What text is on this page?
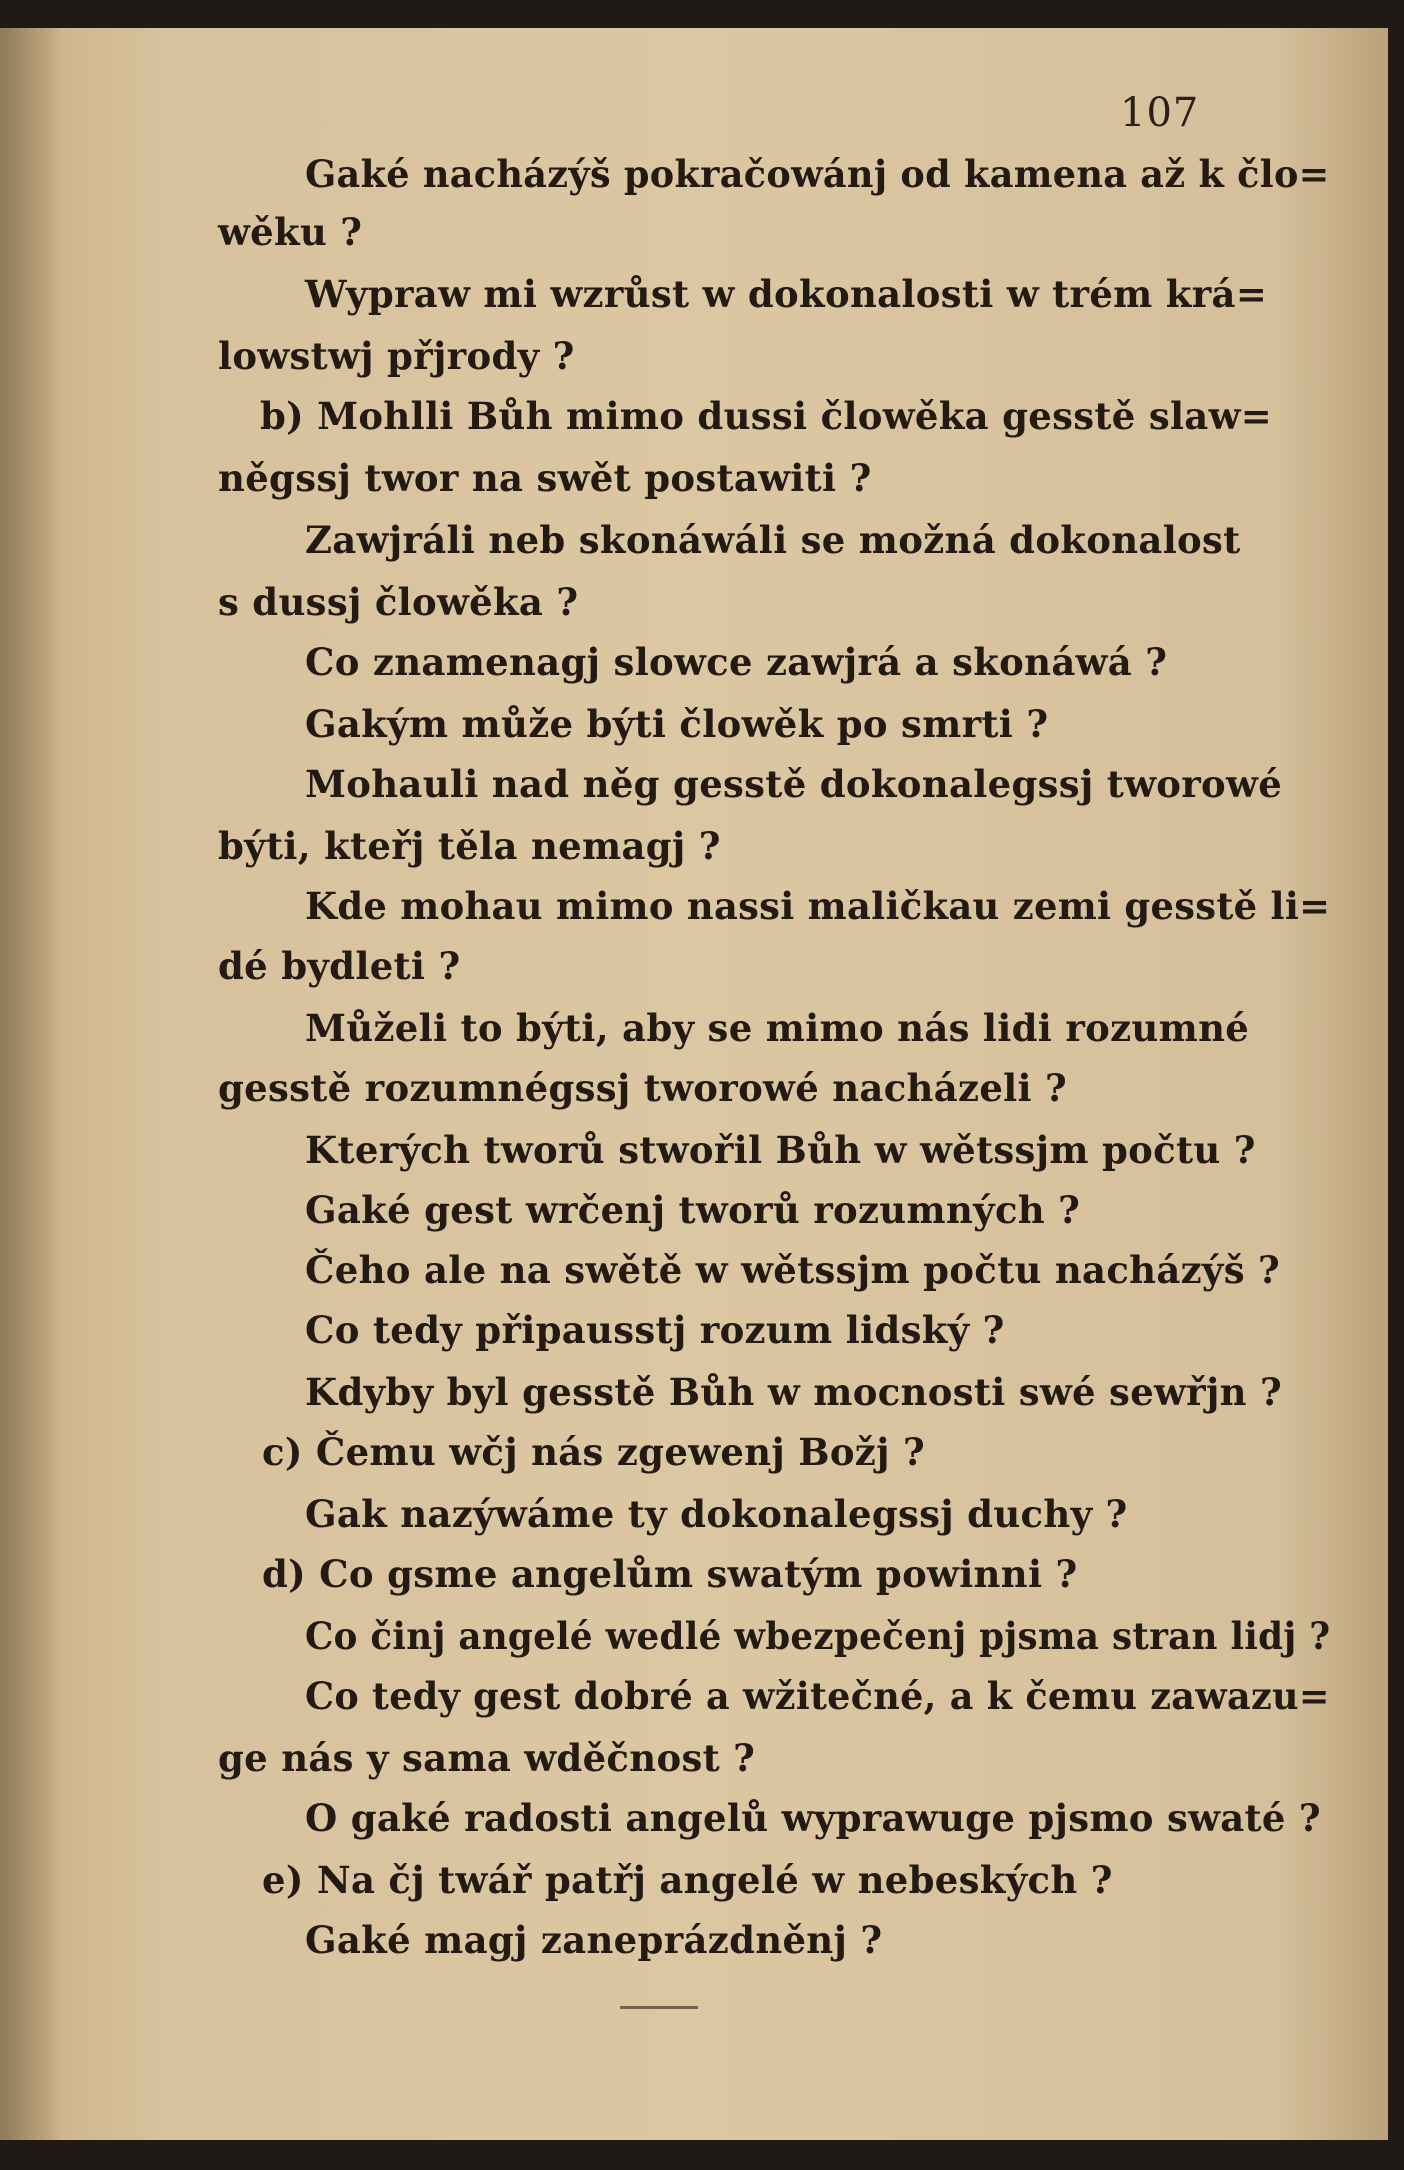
107
Gaké nacházýš pokračowánj od kamena až k člo=
wěku ?
Wypraw mi wzrůst w dokonalosti w trém krá=
lowstwj přjrody ?
b) Mohlli Bůh mimo dussi člowěka gesstě slaw=
něgssj twor na swět postawiti ?
Zawjráli neb skonáwáli se možná dokonalost
s dussj člowěka ?
Co znamenagj slowce zawjrá a skonáwá ?
Gakým může býti člowěk po smrti ?
Mohauli nad něg gesstě dokonalegssj tworowé
býti, kteřj těla nemagj ?
Kde mohau mimo nassi maličkau zemi gesstě li=
dé bydleti ?
Můželi to býti, aby se mimo nás lidi rozumné
gesstě rozumnégssj tworowé nacházeli ?
Kterých tworů stwořil Bůh w wětssjm počtu ?
Gaké gest wrčenj tworů rozumných ?
Čeho ale na swětě w wětssjm počtu nacházýš ?
Co tedy připausstj rozum lidský ?
Kdyby byl gesstě Bůh w mocnosti swé sewřjn ?
c) Čemu wčj nás zgewenj Božj ?
Gak nazýwáme ty dokonalegssj duchy ?
d) Co gsme angelům swatým powinni ?
Co činj angelé wedlé wbezpečenj pjsma stran lidj ?
Co tedy gest dobré a wžitečné, a k čemu zawazu=
ge nás y sama wděčnost ?
O gaké radosti angelů wyprawuge pjsmo swaté ?
e) Na čj twář patřj angelé w nebeských ?
Gaké magj zaneprázdněnj ?
